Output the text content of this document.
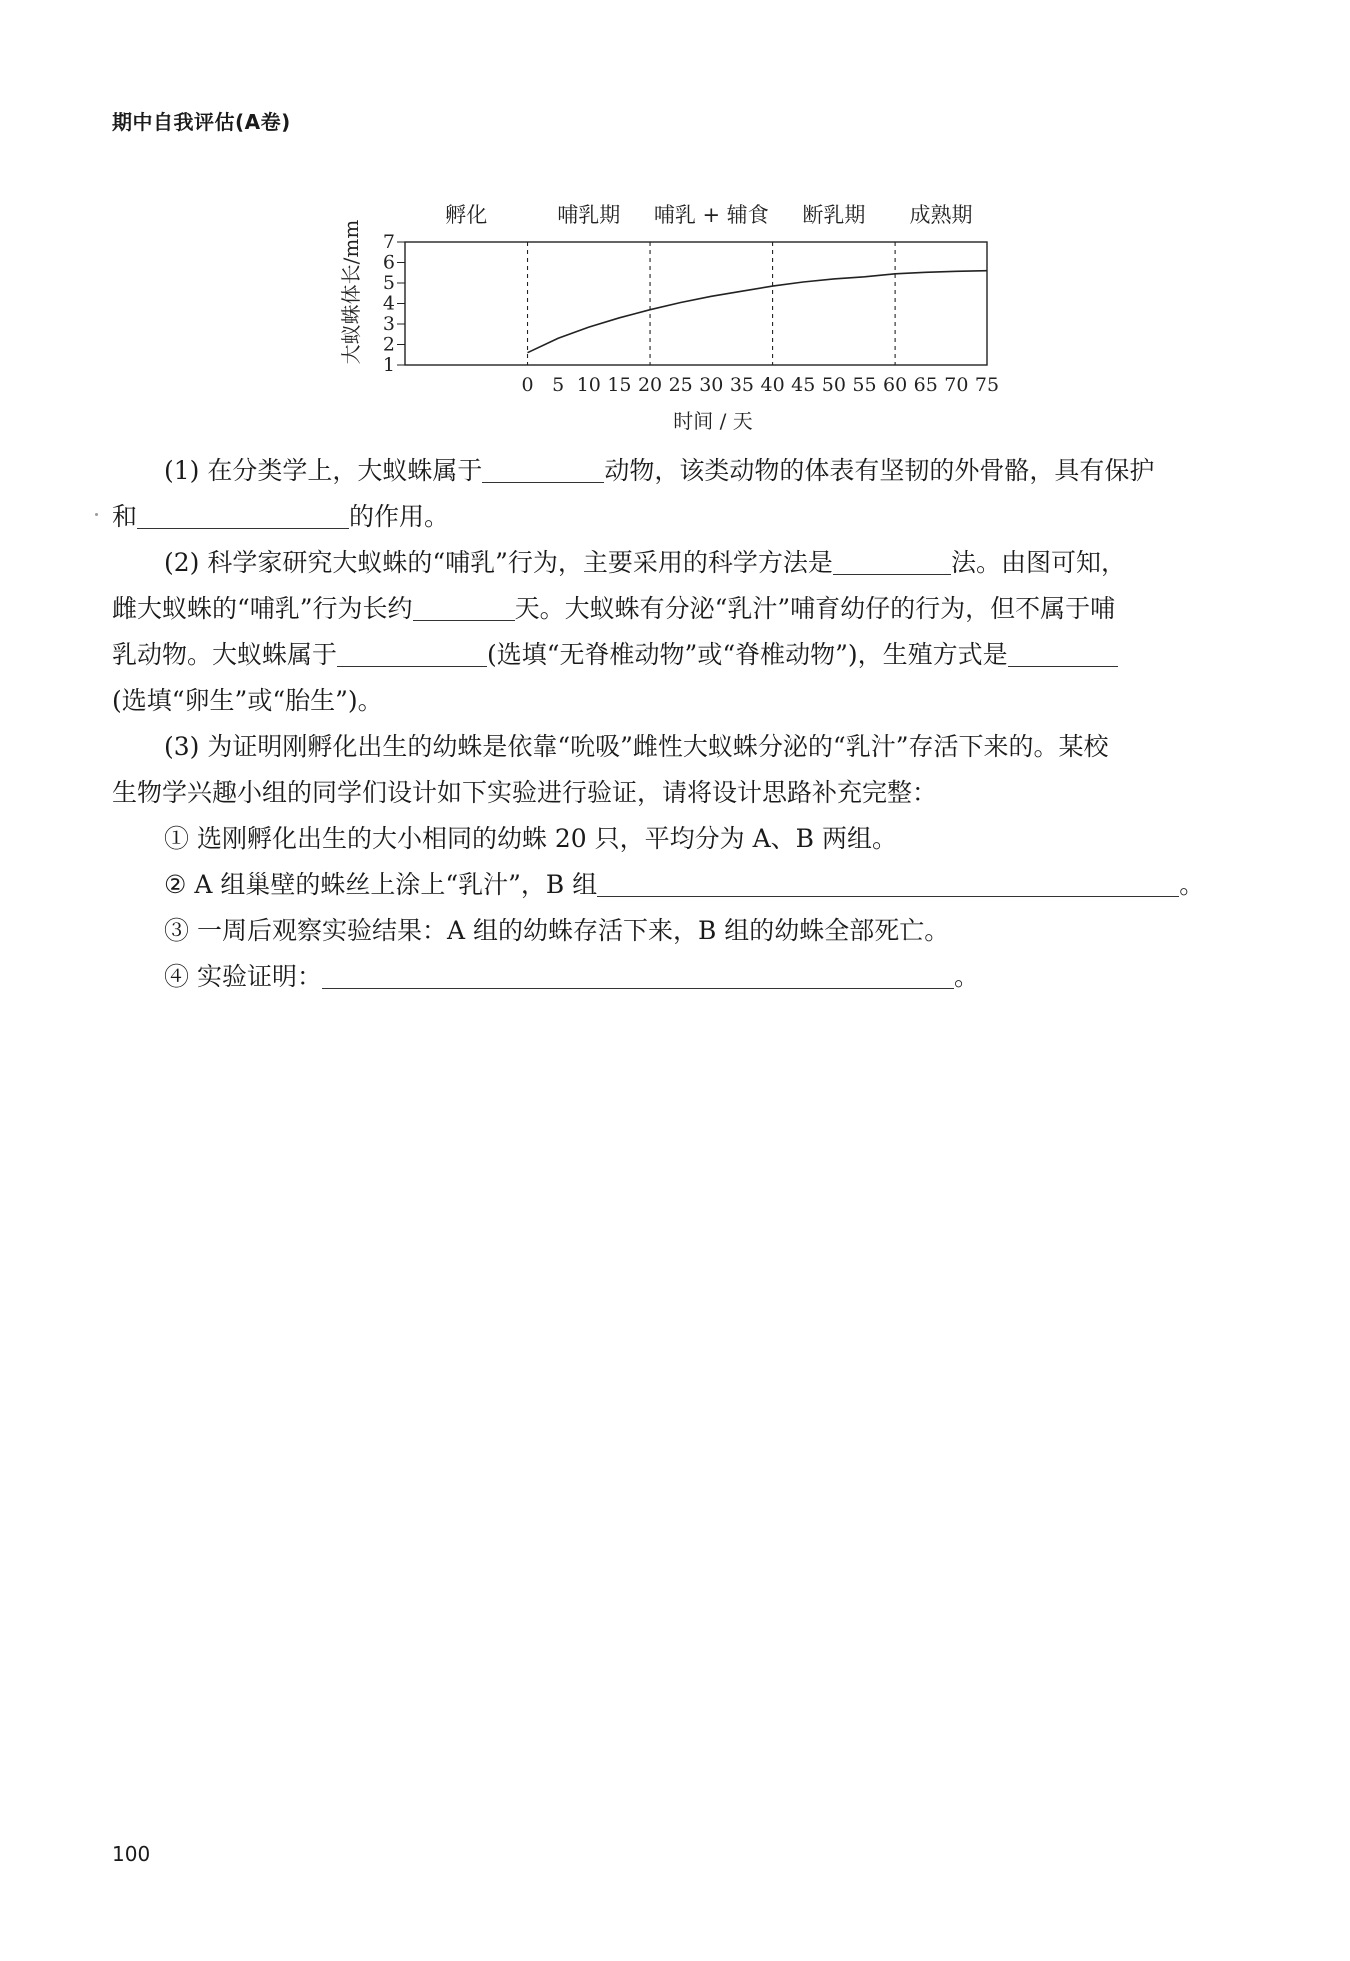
期中自我评估(A卷)
孵化	哺乳期 哺乳 + 辅食 断乳期 成熟期
大蚁蛛体长/mm
1
2
3
4
5
6
7
0 5 10 15 20 25 30 35 40 45 50 55 60 65 70 75
时间 / 天

(1) 在分类学上，大蚁蛛属于	动物，该类动物的体表有坚韧的外骨骼，具有保护

和	的作用。

(2) 科学家研究大蚁蛛的“哺乳”行为，主要采用的科学方法是	法。由图可知，

雌大蚁蛛的“哺乳”行为长约	天。大蚁蛛有分泌“乳汁”哺育幼仔的行为，但不属于哺

乳动物。大蚁蛛属于	(选填“无脊椎动物”或“脊椎动物”)，生殖方式是

(选填“卵生”或“胎生”)。

(3) 为证明刚孵化出生的幼蛛是依靠“吮吸”雌性大蚁蛛分泌的“乳汁”存活下来的。某校

生物学兴趣小组的同学们设计如下实验进行验证，请将设计思路补充完整：

① 选刚孵化出生的大小相同的幼蛛 20 只，平均分为 A、B 两组。

② A 组巢壁的蛛丝上涂上“乳汁”，B 组	。

③ 一周后观察实验结果：A 组的幼蛛存活下来，B 组的幼蛛全部死亡。

④ 实验证明：	。

100
